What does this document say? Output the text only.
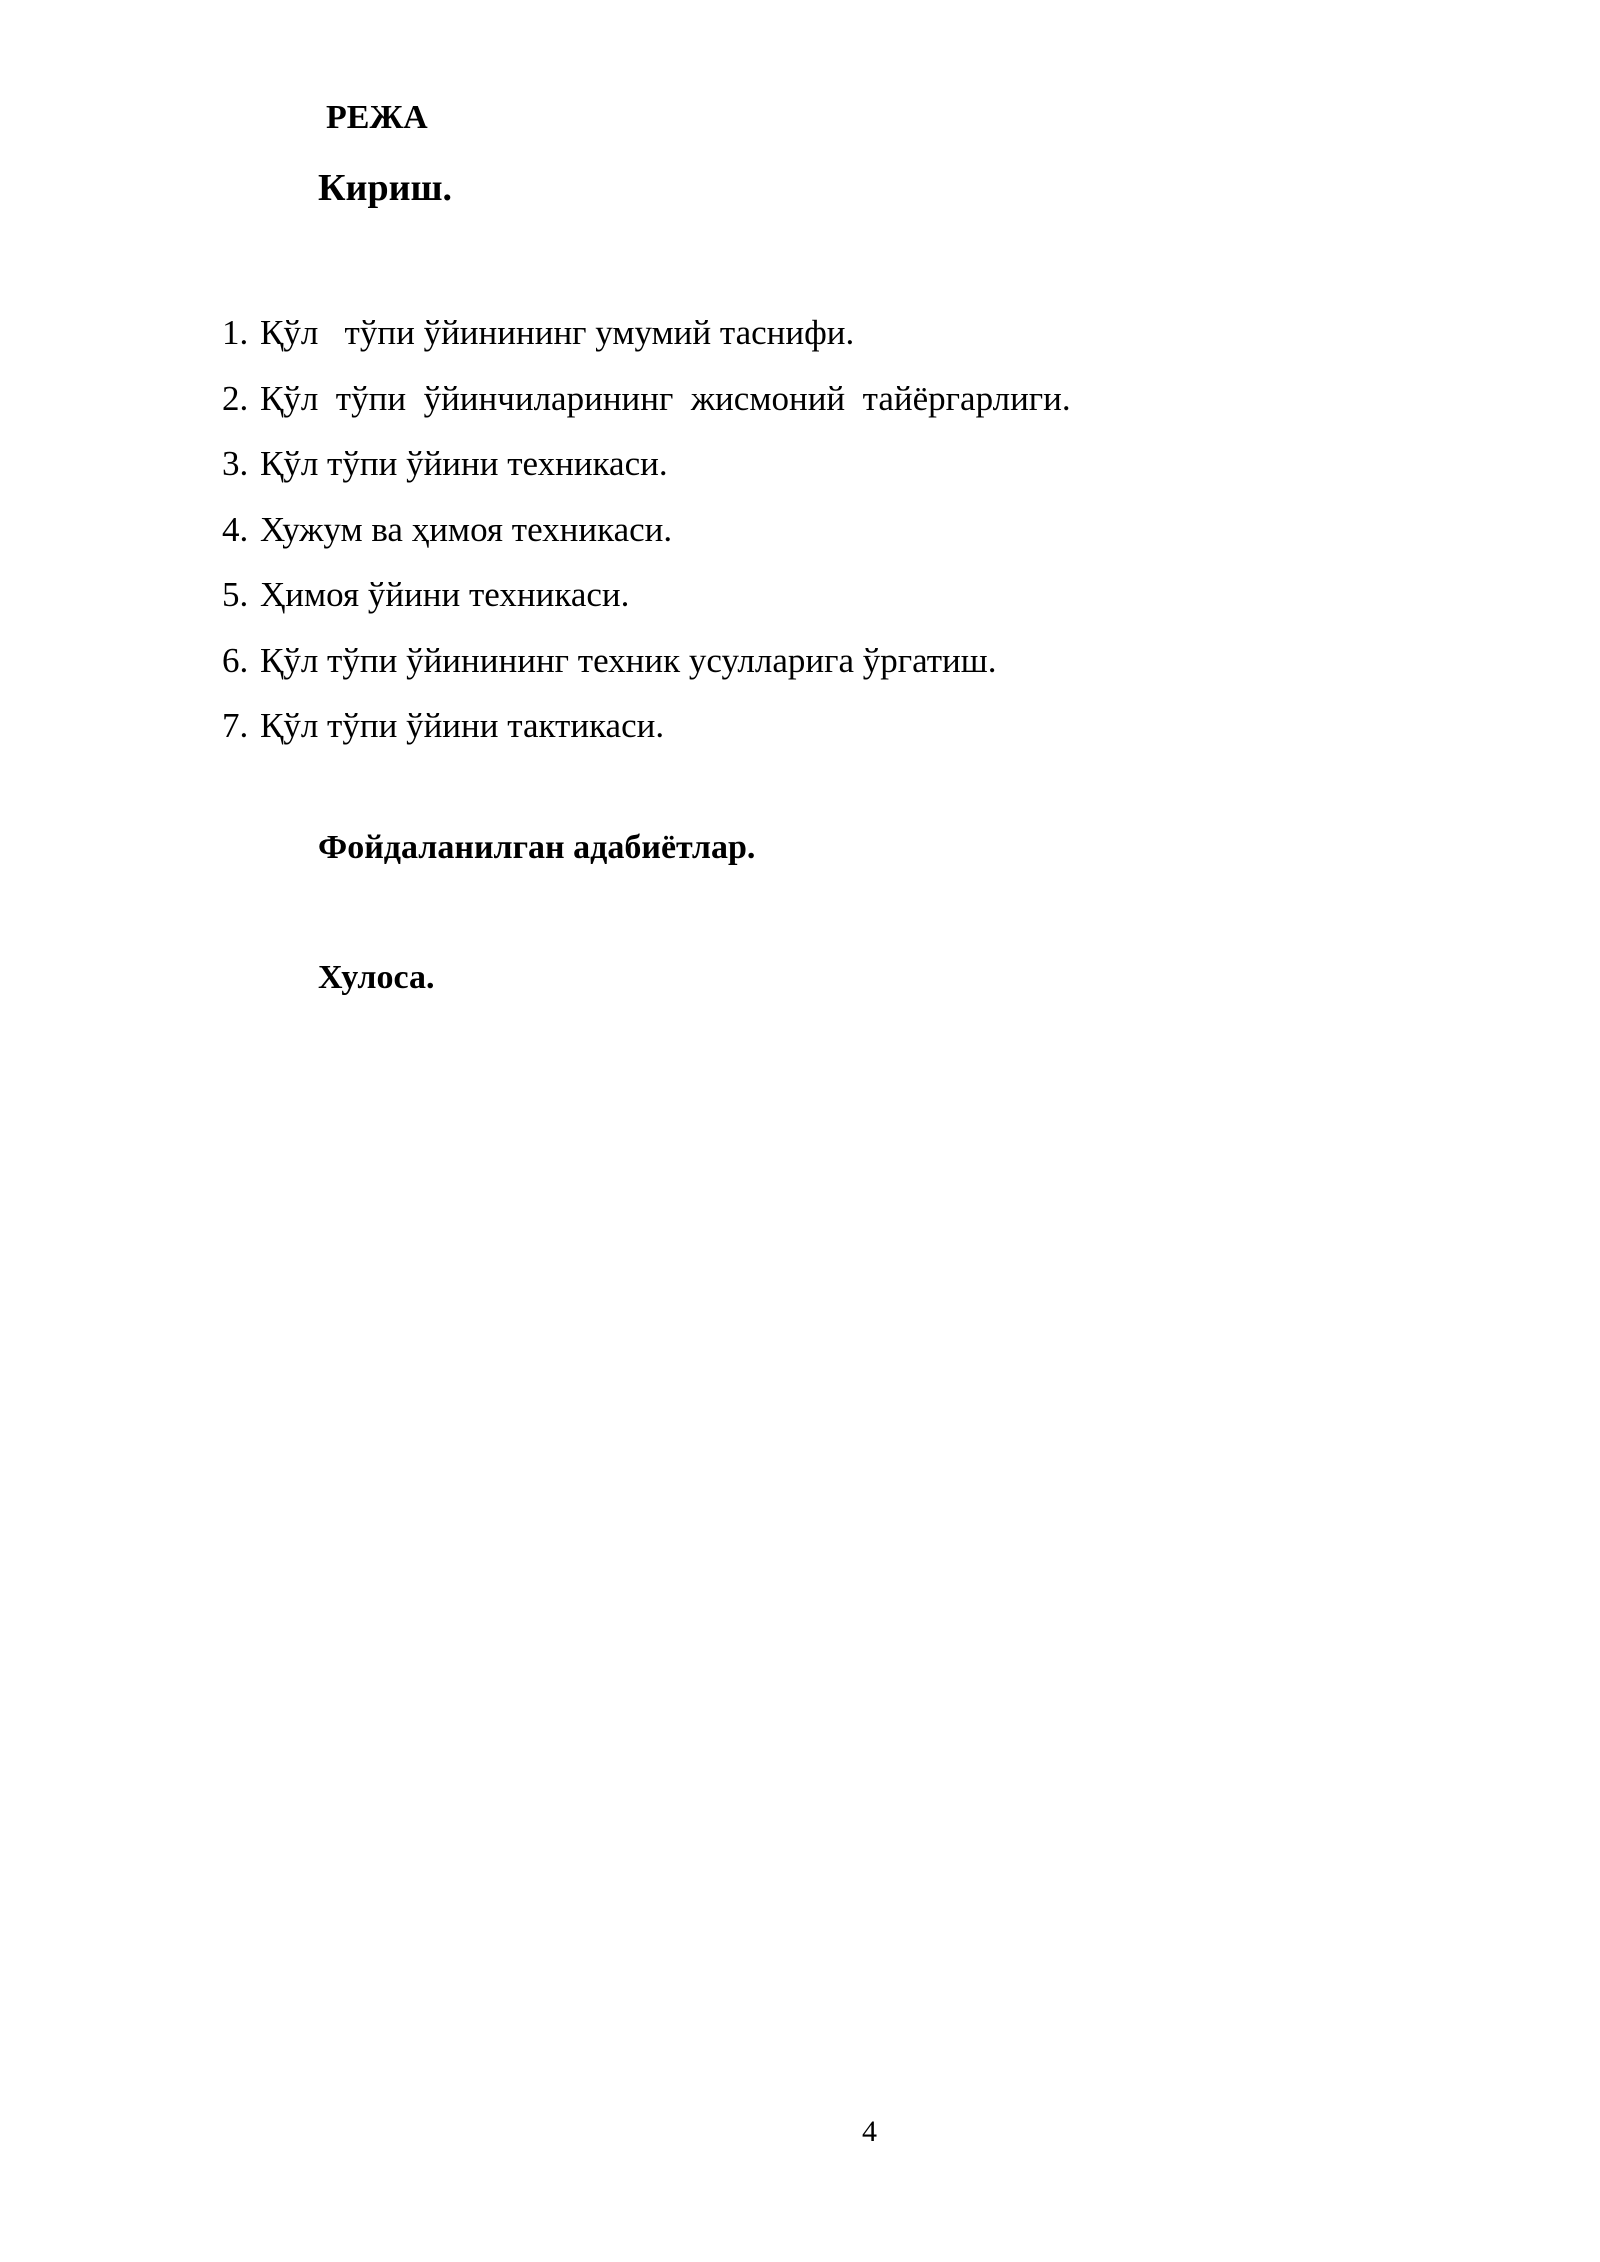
РЕЖА
Кириш.
1. Қўл   тўпи ўйинининг умумий таснифи.
2. Қўл  тўпи  ўйинчиларининг  жисмоний  тайёргарлиги.
3. Қўл тўпи ўйини техникаси.
4. Хужум ва ҳимоя техникаси.
5. Ҳимоя ўйини техникаси.
6. Қўл тўпи ўйинининг техник усулларига ўргатиш.
7. Қўл тўпи ўйини тактикаси.
Фойдаланилган адабиётлар.
Хулоса.
4
